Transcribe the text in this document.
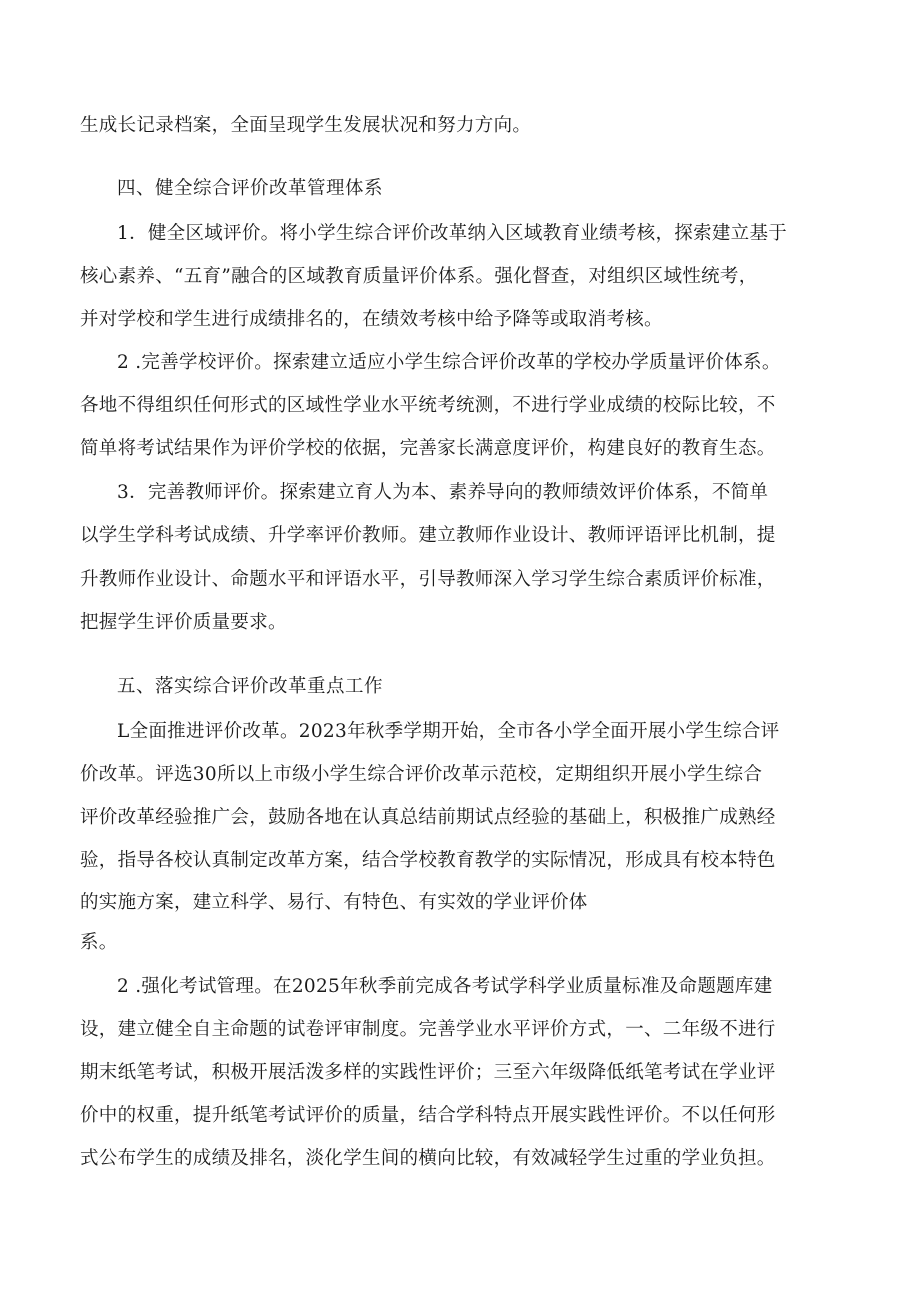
生成长记录档案，全面呈现学生发展状况和努力方向。
四、健全综合评价改革管理体系
1．健全区域评价。将小学生综合评价改革纳入区域教育业绩考核，探索建立基于
核心素养、“五育”融合的区域教育质量评价体系。强化督查，对组织区域性统考，
并对学校和学生进行成绩排名的，在绩效考核中给予降等或取消考核。
2 .完善学校评价。探索建立适应小学生综合评价改革的学校办学质量评价体系。
各地不得组织任何形式的区域性学业水平统考统测，不进行学业成绩的校际比较，不
简单将考试结果作为评价学校的依据，完善家长满意度评价，构建良好的教育生态。
3．完善教师评价。探索建立育人为本、素养导向的教师绩效评价体系，不简单
以学生学科考试成绩、升学率评价教师。建立教师作业设计、教师评语评比机制，提
升教师作业设计、命题水平和评语水平，引导教师深入学习学生综合素质评价标准，
把握学生评价质量要求。
五、落实综合评价改革重点工作
L全面推进评价改革。2023年秋季学期开始，全市各小学全面开展小学生综合评
价改革。评选30所以上市级小学生综合评价改革示范校，定期组织开展小学生综合
评价改革经验推广会，鼓励各地在认真总结前期试点经验的基础上，积极推广成熟经
验，指导各校认真制定改革方案，结合学校教育教学的实际情况，形成具有校本特色
的实施方案，建立科学、易行、有特色、有实效的学业评价体
系。
2 .强化考试管理。在2025年秋季前完成各考试学科学业质量标准及命题题库建
设，建立健全自主命题的试卷评审制度。完善学业水平评价方式，一、二年级不进行
期末纸笔考试，积极开展活泼多样的实践性评价；三至六年级降低纸笔考试在学业评
价中的权重，提升纸笔考试评价的质量，结合学科特点开展实践性评价。不以任何形
式公布学生的成绩及排名，淡化学生间的横向比较，有效减轻学生过重的学业负担。
